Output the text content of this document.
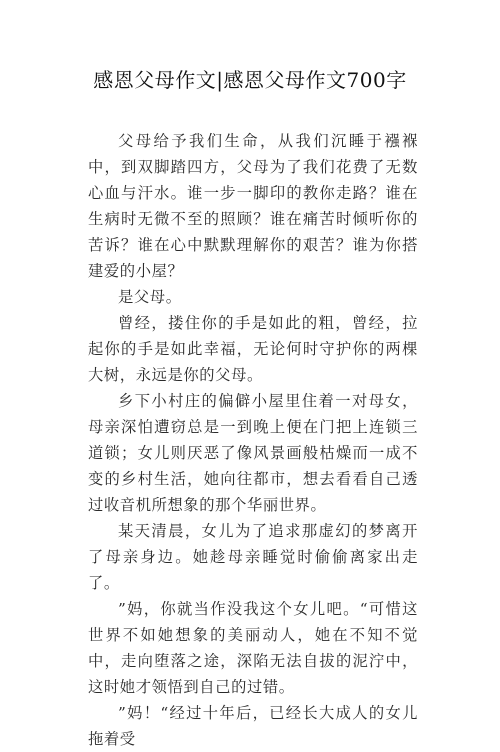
感恩父母作文|感恩父母作文700字

父母给予我们生命，从我们沉睡于襁褓中，到双脚踏四方，父母为了我们花费了无数心血与汗水。谁一步一脚印的教你走路？谁在生病时无微不至的照顾？谁在痛苦时倾听你的苦诉？谁在心中默默理解你的艰苦？谁为你搭建爱的小屋？

是父母。

曾经，搂住你的手是如此的粗，曾经，拉起你的手是如此幸福，无论何时守护你的两棵大树，永远是你的父母。

乡下小村庄的偏僻小屋里住着一对母女，母亲深怕遭窃总是一到晚上便在门把上连锁三道锁；女儿则厌恶了像风景画般枯燥而一成不变的乡村生活，她向往都市，想去看看自己透过收音机所想象的那个华丽世界。

某天清晨，女儿为了追求那虚幻的梦离开了母亲身边。她趁母亲睡觉时偷偷离家出走了。

”妈，你就当作没我这个女儿吧。“可惜这世界不如她想象的美丽动人，她在不知不觉中，走向堕落之途，深陷无法自拔的泥泞中，这时她才领悟到自己的过错。

”妈！“经过十年后，已经长大成人的女儿拖着受
